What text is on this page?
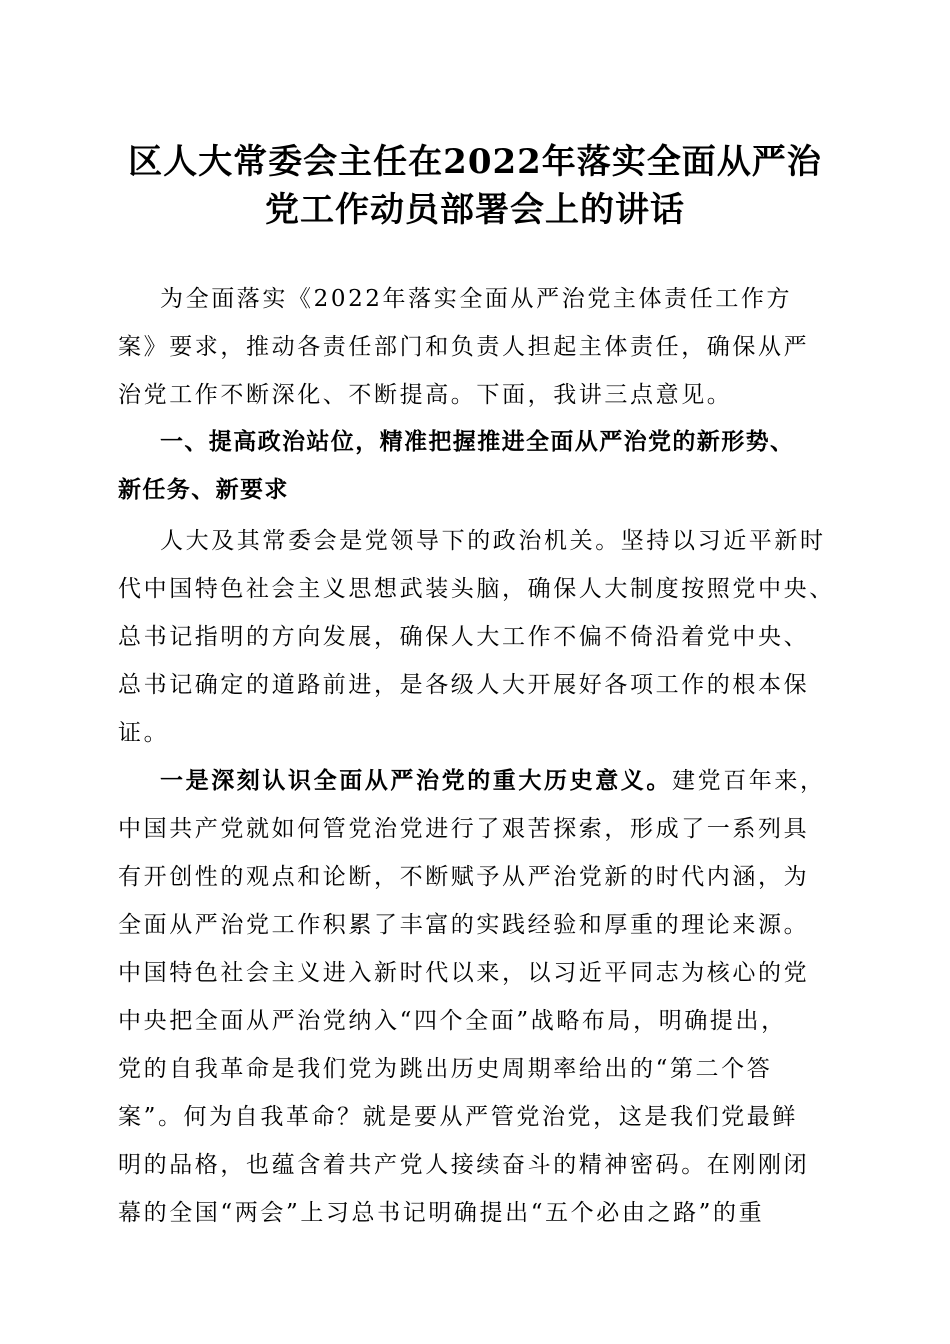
区人大常委会主任在2022年落实全面从严治
党工作动员部署会上的讲话
为全面落实《2022年落实全面从严治党主体责任工作方
案》要求，推动各责任部门和负责人担起主体责任，确保从严
治党工作不断深化、不断提高。下面，我讲三点意见。
一、提高政治站位，精准把握推进全面从严治党的新形势、
新任务、新要求
人大及其常委会是党领导下的政治机关。坚持以习近平新时
代中国特色社会主义思想武装头脑，确保人大制度按照党中央、
总书记指明的方向发展，确保人大工作不偏不倚沿着党中央、
总书记确定的道路前进，是各级人大开展好各项工作的根本保
证。
一是深刻认识全面从严治党的重大历史意义。建党百年来，
中国共产党就如何管党治党进行了艰苦探索，形成了一系列具
有开创性的观点和论断，不断赋予从严治党新的时代内涵，为
全面从严治党工作积累了丰富的实践经验和厚重的理论来源。
中国特色社会主义进入新时代以来，以习近平同志为核心的党
中央把全面从严治党纳入“四个全面”战略布局，明确提出，
党的自我革命是我们党为跳出历史周期率给出的“第二个答
案”。何为自我革命？就是要从严管党治党，这是我们党最鲜
明的品格，也蕴含着共产党人接续奋斗的精神密码。在刚刚闭
幕的全国“两会”上习总书记明确提出“五个必由之路”的重
